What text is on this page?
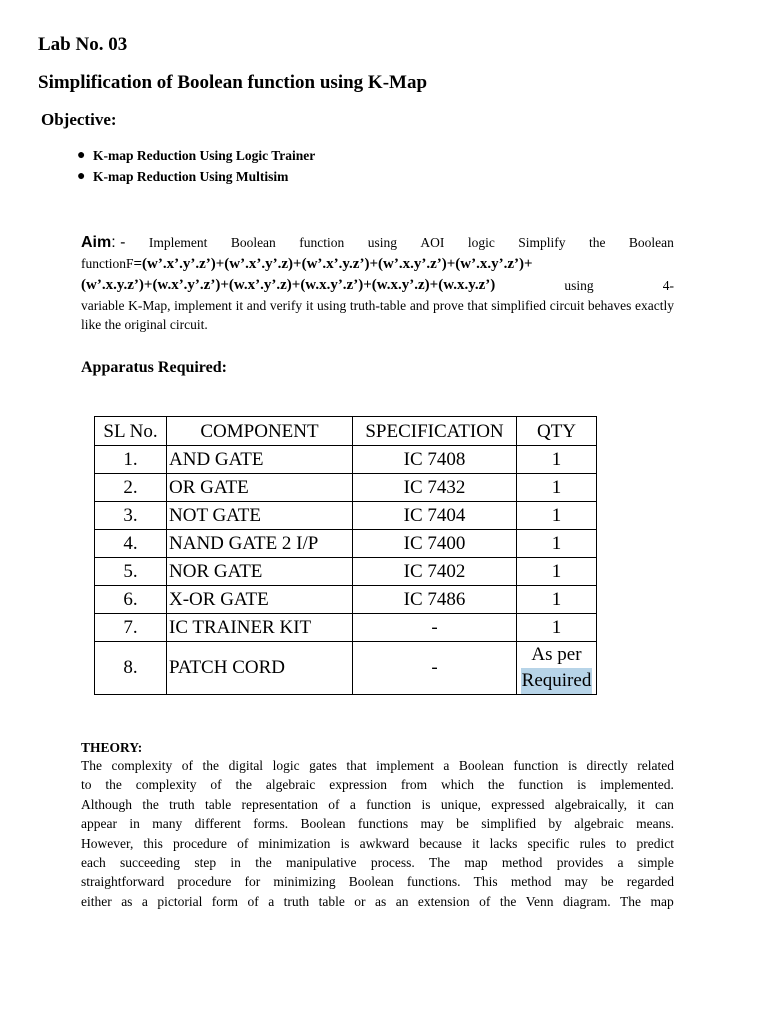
Lab No. 03
Simplification of Boolean function using K-Map
Objective:
● K-map Reduction Using Logic Trainer
● K-map Reduction Using Multisim
Aim: - Implement Boolean function using AOI logic Simplify the Boolean
functionF=(w’.x’.y’.z’)+(w’.x’.y’.z)+(w’.x’.y.z’)+(w’.x.y’.z’)+(w’.x.y’.z’)+
(w’.x.y.z’)+(w.x’.y’.z’)+(w.x’.y’.z)+(w.x.y’.z’)+(w.x.y’.z)+(w.x.y.z’)	using	4-
variable K-Map, implement it and verify it using truth-table and prove that simplified circuit behaves exactly like the original circuit.
Apparatus Required:
SL No.	COMPONENT	SPECIFICATION	QTY
1.	AND GATE	IC 7408	1
2.	OR GATE	IC 7432	1
3.	NOT GATE	IC 7404	1
4.	NAND GATE 2 I/P	IC 7400	1
5.	NOR GATE	IC 7402	1
6.	X-OR GATE	IC 7486	1
7.	IC TRAINER KIT	-	1
8.	PATCH CORD	-	As per
Required
THEORY:
The complexity of the digital logic gates that implement a Boolean function is directly related
to the complexity of the algebraic expression from which the function is implemented.
Although the truth table representation of a function is unique, expressed algebraically, it can
appear in many different forms. Boolean functions may be simplified by algebraic means.
However, this procedure of minimization is awkward because it lacks specific rules to predict
each succeeding step in the manipulative process. The map method provides a simple
straightforward procedure for minimizing Boolean functions. This method may be regarded
either as a pictorial form of a truth table or as an extension of the Venn diagram. The map
